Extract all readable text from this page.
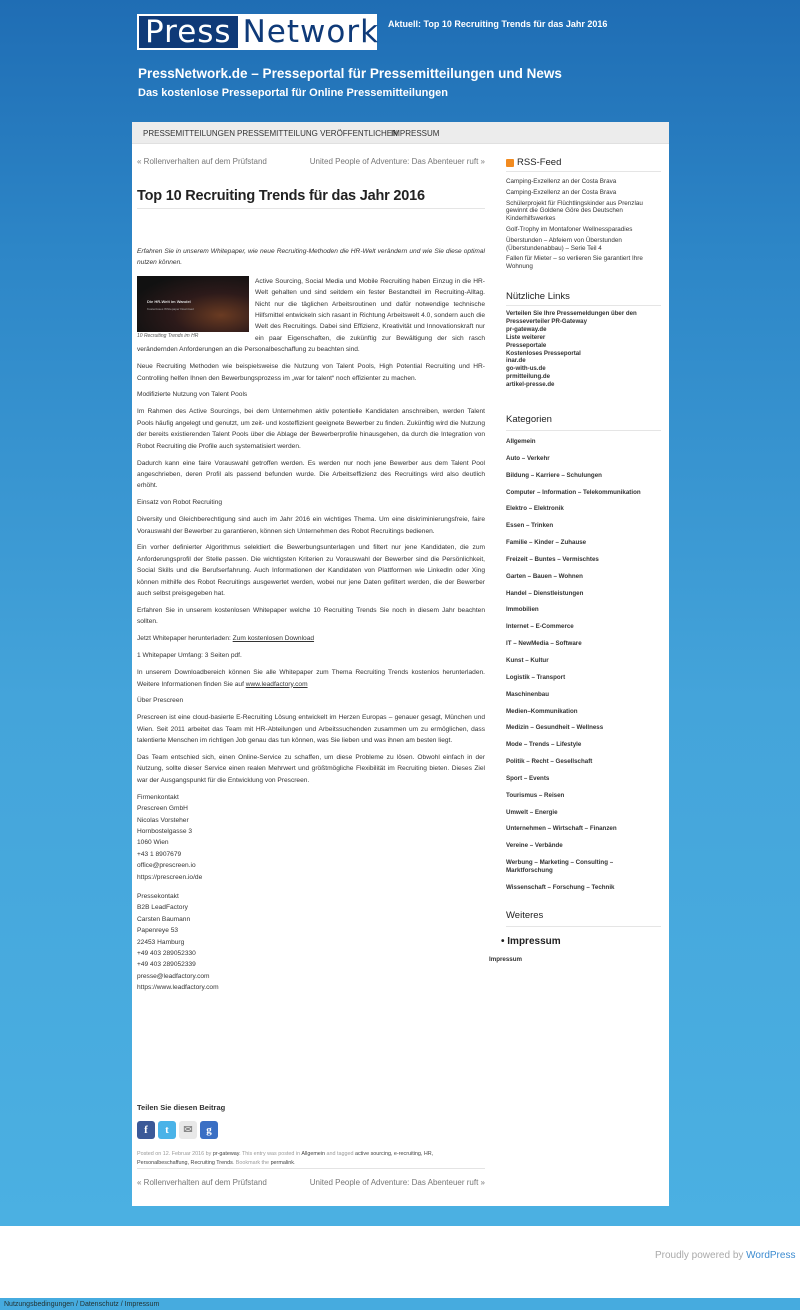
Press Network Aktuell: Top 10 Recruiting Trends für das Jahr 2016
PressNetwork.de – Presseportal für Pressemitteilungen und News
Das kostenlose Presseportal für Online Pressemitteilungen
PRESSEMITTEILUNGEN PRESSEMITTEILUNG VERÖFFENTLICHEN
IMPRESSUM
« Rollenverhalten auf dem Prüfstand	United People of Adventure: Das Abenteuer ruft »
Top 10 Recruiting Trends für das Jahr 2016

Erfahren Sie in unserem Whitepaper, wie neue Recruiting-Methoden die HR-Welt verändern und wie Sie diese optimal nutzen können.

Die HR-Welt im Wandel
Kostenloses Whitepaper Download
10 Recruiting Trends im HR

Active Sourcing, Social Media und Mobile Recruiting haben Einzug in die HR-Welt gehalten und sind seitdem ein fester Bestandteil im Recruiting-Alltag. Nicht nur die täglichen Arbeitsroutinen und dafür notwendige technische Hilfsmittel entwickeln sich rasant in Richtung Arbeitswelt 4.0, sondern auch die Welt des Recruitings. Dabei sind Effizienz, Kreativität und Innovationskraft nur ein paar Eigenschaften, die zukünftig zur Bewältigung der sich rasch verändernden Anforderungen an die Personalbeschaffung zu beachten sind.

Neue Recruiting Methoden wie beispielsweise die Nutzung von Talent Pools, High Potential Recruiting und HR-Controlling helfen Ihnen den Bewerbungsprozess im „war for talent“ noch effizienter zu machen.

Modifizierte Nutzung von Talent Pools

Im Rahmen des Active Sourcings, bei dem Unternehmen aktiv potentielle Kandidaten anschreiben, werden Talent Pools häufig angelegt und genutzt, um zeit- und kosteffizient geeignete Bewerber zu finden. Zukünftig wird die Nutzung der bereits existierenden Talent Pools über die Ablage der Bewerberprofile hinausgehen, da durch die Integration von Robot Recruiting die Profile auch systematisiert werden.

Dadurch kann eine faire Vorauswahl getroffen werden. Es werden nur noch jene Bewerber aus dem Talent Pool angeschrieben, deren Profil als passend befunden wurde. Die Arbeitseffizienz des Recruitings wird also deutlich erhöht.

Einsatz von Robot Recruiting

Diversity und Gleichberechtigung sind auch im Jahr 2016 ein wichtiges Thema. Um eine diskriminierungsfreie, faire Vorauswahl der Bewerber zu garantieren, können sich Unternehmen des Robot Recruitings bedienen.

Ein vorher definierter Algorithmus selektiert die Bewerbungsunterlagen und filtert nur jene Kandidaten, die zum Anforderungsprofil der Stelle passen. Die wichtigsten Kriterien zu Vorauswahl der Bewerber sind die Persönlichkeit, Social Skills und die Berufserfahrung. Auch Informationen der Kandidaten von Plattformen wie LinkedIn oder Xing können mithilfe des Robot Recruitings ausgewertet werden, wobei nur jene Daten gefiltert werden, die der Bewerber auch selbst preisgegeben hat.

Erfahren Sie in unserem kostenlosen Whitepaper welche 10 Recruiting Trends Sie noch in diesem Jahr beachten sollten.

Jetzt Whitepaper herunterladen: Zum kostenlosen Download

1 Whitepaper Umfang: 3 Seiten pdf.

In unserem Downloadbereich können Sie alle Whitepaper zum Thema Recruiting Trends kostenlos herunterladen. Weitere Informationen finden Sie auf www.leadfactory.com

Über Prescreen

Prescreen ist eine cloud-basierte E-Recruiting Lösung entwickelt im Herzen Europas – genauer gesagt, München und Wien. Seit 2011 arbeitet das Team mit HR-Abteilungen und Arbeitssuchenden zusammen um zu ermöglichen, dass talentierte Menschen im richtigen Job genau das tun können, was Sie lieben und was ihnen am besten liegt.

Das Team entschied sich, einen Online-Service zu schaffen, um diese Probleme zu lösen. Obwohl einfach in der Nutzung, sollte dieser Service einen realen Mehrwert und größtmögliche Flexibilität im Recruiting bieten. Dieses Ziel war der Ausgangspunkt für die Entwicklung von Prescreen.

Firmenkontakt

Prescreen GmbH

Nicolas Vorsteher

Hornbostelgasse 3

1060 Wien

+43 1 8907679

office@prescreen.io

https://prescreen.io/de

Pressekontakt

B2B LeadFactory

Carsten Baumann

Papenreye 53

22453 Hamburg

+49 403 289052330

+49 403 289052339

presse@leadfactory.com

https://www.leadfactory.com

Teilen Sie diesen Beitrag
f	t	✉	g
Posted on 12. Februar 2016 by pr-gateway. This entry was posted in Allgemein and tagged active sourcing, e-recruiting, HR, Personalbeschaffung, Recruiting Trends. Bookmark the permalink.
« Rollenverhalten auf dem Prüfstand	United People of Adventure: Das Abenteuer ruft »
RSS-Feed
Camping-Exzellenz an der Costa Brava
Camping-Exzellenz an der Costa Brava
Schülerprojekt für Flüchtlingskinder aus Prenzlau gewinnt die Goldene Göre des Deutschen Kinderhilfswerkes
Golf-Trophy im Montafoner Wellnessparadies
Überstunden – Abfeiern von Überstunden (Überstundenabbau) – Serie Teil 4
Fallen für Mieter – so verlieren Sie garantiert Ihre Wohnung
Nützliche Links
Verteilen Sie Ihre Pressemeldungen über den Presseverteiler PR-Gateway
pr-gateway.de
Liste weiterer
Presseportale
Kostenloses Presseportal
inar.de
go-with-us.de
prmitteilung.de
artikel-presse.de
Kategorien
Allgemein
Auto – Verkehr
Bildung – Karriere – Schulungen
Computer – Information – Telekommunikation
Elektro – Elektronik
Essen – Trinken
Familie – Kinder – Zuhause
Freizeit – Buntes – Vermischtes
Garten – Bauen – Wohnen
Handel – Dienstleistungen
Immobilien
Internet – E-Commerce
IT – NewMedia – Software
Kunst – Kultur
Logistik – Transport
Maschinenbau
Medien–Kommunikation
Medizin – Gesundheit – Wellness
Mode – Trends – Lifestyle
Politik – Recht – Gesellschaft
Sport – Events
Tourismus – Reisen
Umwelt – Energie
Unternehmen – Wirtschaft – Finanzen
Vereine – Verbände
Werbung – Marketing – Consulting – Marktforschung
Wissenschaft – Forschung – Technik
Weiteres
• Impressum
Impressum
Proudly powered by WordPress
Nutzungsbedingungen / Datenschutz / Impressum
